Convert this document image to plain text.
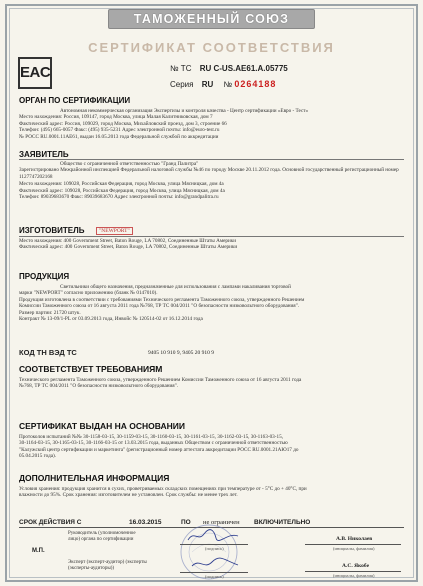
ТАМОЖЕННЫЙ СОЮЗ
СЕРТИФИКАТ СООТВЕТСТВИЯ
EAC	№ ТС RU C-US.AE61.A.05775
Серия RU № 0264188
ОРГАН ПО СЕРТИФИКАЦИИ
Автономная некоммерческая организация Экспертизы и контроля качества - Центр сертификации «Евро - Тест»
Место нахождения: Россия, 109147, город Москва, улица Малая Калитниковская, дом 7
Фактический адрес: Россия, 109029, город Москва, Михайловский проезд, дом 3, строение 66
Телефон: (495) 665-0057 Факс: (495) 935-5231 Адрес электронной почты: info@euro-test.ru
№ РОСС RU.0001.11АЕ61, выдан 16.05.2013 года Федеральной службой по аккредитации
ЗАЯВИТЕЛЬ
Общество с ограниченной ответственностью "Гранд Палитра"
Зарегистрировано Межрайонной инспекцией Федеральной налоговой службы №46 по городу Москве 20.11.2012 года. Основной государственный регистрационный номер 1127747202168
Место нахождения: 109028, Российская Федерация, город Москва, улица Мясницкая, дом 4а
Фактический адрес: 109028, Российская Федерация, город Москва, улица Мясницкая, дом 4а
Телефон: 89039683670 Факс: 89039683670 Адрес электронной почты: info@grandpalitra.ru
ИЗГОТОВИТЕЛЬ	"NEWPORT"
Место нахождения: 400 Government Street, Baton Rouge, LA 70802, Соединенные Штаты Америки
Фактический адрес: 400 Government Street, Baton Rouge, LA 70802, Соединенные Штаты Америки
ПРОДУКЦИЯ
Светильники общего назначения, предназначенные для использования с лампами накаливания торговой
марки "NEWPORT" согласно приложению (бланк № 0147010).
Продукция изготовлена в соответствии с требованиями Технического регламента Таможенного союза, утвержденного Решением
Комиссии Таможенного союза от 16 августа 2011 года №768, ТР ТС 004/2011 "О безопасности низковольтного оборудования".
Размер партии: 21720 штук.
Контракт № 13-09/1-PL от 03.09.2013 года, Инвойс № 120514-02 от 16.12.2014 года
КОД ТН ВЭД ТС	9405 10 910 9, 9405 20 910 9
СООТВЕТСТВУЕТ ТРЕБОВАНИЯМ
Технического регламента Таможенного союза, утвержденного Решением Комиссии Таможенного союза от 16 августа 2011 года
№768, ТР ТС 004/2011 "О безопасности низковольтного оборудования".
СЕРТИФИКАТ ВЫДАН НА ОСНОВАНИИ
Протоколов испытаний №№ 30-1158-03-15, 30-1159-03-15, 30-1160-03-15, 30-1161-03-15, 30-1162-03-15, 30-1163-03-15,
30-1164-03-15, 30-1165-03-15, 30-1166-03-15 от 13.03.2015 года, выданных Обществом с ограниченной ответственностью
"Калужский центр сертификации и маркетинга" (регистрационный номер аттестата аккредитации РОСС RU.0001.21АЮ17 до
05.04.2015 года).
ДОПОЛНИТЕЛЬНАЯ ИНФОРМАЦИЯ
Условия хранения: продукция хранится в сухих, проветриваемых складских помещениях при температуре от - 5°С до + 40°С, при
влажности до 95%. Срок хранения: изготовителем не установлен. Срок службы: не менее трех лет.
СРОК ДЕЙСТВИЯ С	16.03.2015	ПО не ограничен ВКЛЮЧИТЕЛЬНО
М.П.
Руководитель (уполномоченное лицо) органа по сертификации
(подпись)
А.В. Николаев
(инициалы, фамилия)
Эксперт (эксперт-аудитор) (эксперты (эксперты-аудиторы))
(подпись)
А.С. Якобе
(инициалы, фамилия)
